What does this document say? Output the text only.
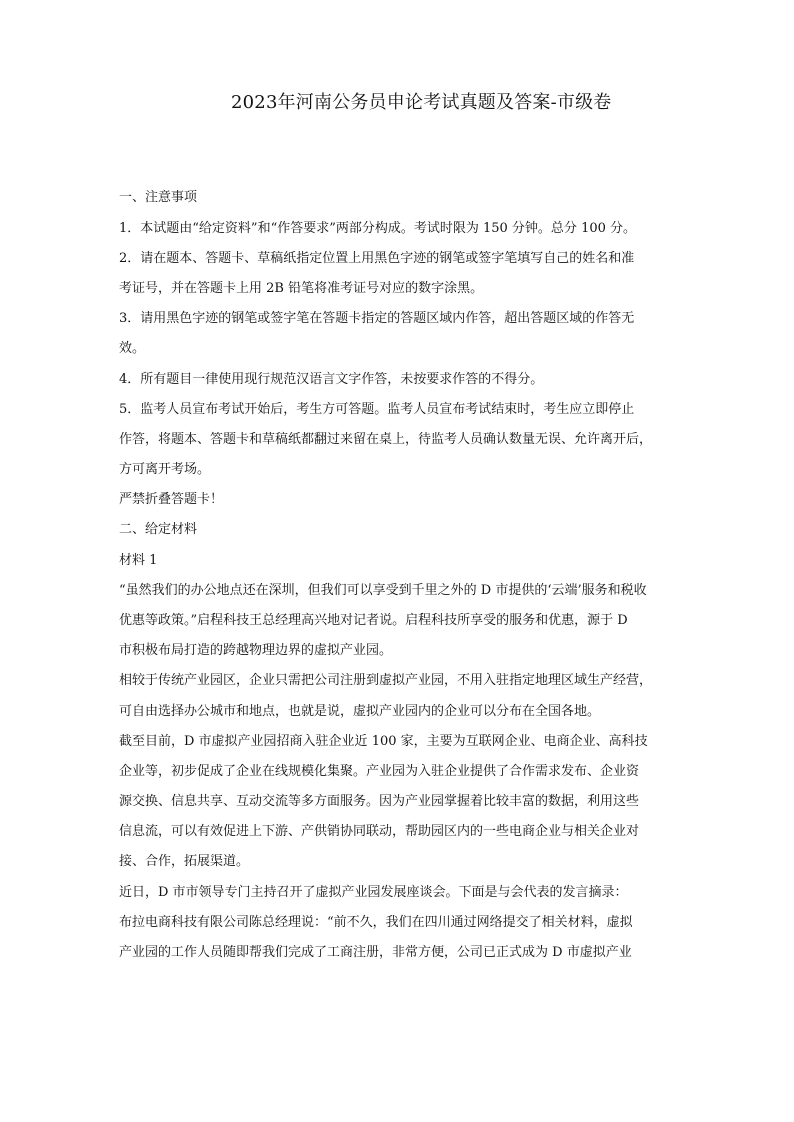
2023年河南公务员申论考试真题及答案-市级卷
一、注意事项
1．本试题由“给定资料”和“作答要求”两部分构成。考试时限为 150 分钟。总分 100 分。
2．请在题本、答题卡、草稿纸指定位置上用黑色字迹的钢笔或签字笔填写自己的姓名和准
考证号，并在答题卡上用 2B 铅笔将准考证号对应的数字涂黑。
3．请用黑色字迹的钢笔或签字笔在答题卡指定的答题区域内作答，超出答题区域的作答无
效。
4．所有题目一律使用现行规范汉语言文字作答，未按要求作答的不得分。
5．监考人员宣布考试开始后，考生方可答题。监考人员宣布考试结束时，考生应立即停止
作答，将题本、答题卡和草稿纸都翻过来留在桌上，待监考人员确认数量无误、允许离开后，
方可离开考场。
严禁折叠答题卡！
二、给定材料
材料 1
“虽然我们的办公地点还在深圳，但我们可以享受到千里之外的 D 市提供的‘云端’服务和税收
优惠等政策。”启程科技王总经理高兴地对记者说。启程科技所享受的服务和优惠，源于 D
市积极布局打造的跨越物理边界的虚拟产业园。
相较于传统产业园区，企业只需把公司注册到虚拟产业园，不用入驻指定地理区域生产经营，
可自由选择办公城市和地点，也就是说，虚拟产业园内的企业可以分布在全国各地。
截至目前，D 市虚拟产业园招商入驻企业近 100 家，主要为互联网企业、电商企业、高科技
企业等，初步促成了企业在线规模化集聚。产业园为入驻企业提供了合作需求发布、企业资
源交换、信息共享、互动交流等多方面服务。因为产业园掌握着比较丰富的数据，利用这些
信息流，可以有效促进上下游、产供销协同联动，帮助园区内的一些电商企业与相关企业对
接、合作，拓展渠道。
近日，D 市市领导专门主持召开了虚拟产业园发展座谈会。下面是与会代表的发言摘录：
布拉电商科技有限公司陈总经理说：“前不久，我们在四川通过网络提交了相关材料，虚拟
产业园的工作人员随即帮我们完成了工商注册，非常方便，公司已正式成为 D 市虚拟产业
